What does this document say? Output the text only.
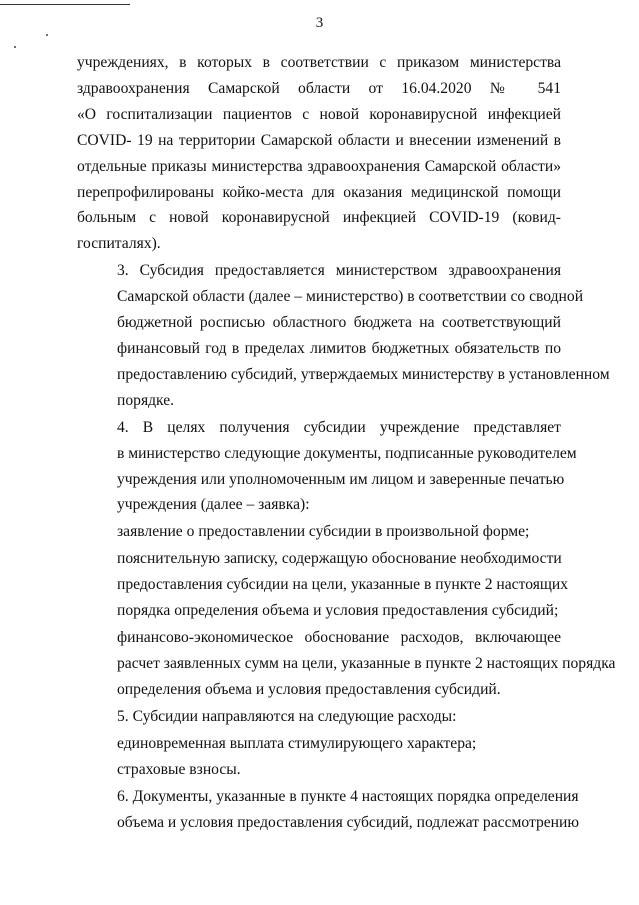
3

учреждениях, в которых в соответствии с приказом министерства
здравоохранения Самарской области от 16.04.2020 № 541
«О госпитализации пациентов с новой коронавирусной инфекцией
COVID- 19 на территории Самарской области и внесении изменений в
отдельные приказы министерства здравоохранения Самарской области»
перепрофилированы койко-места для оказания медицинской помощи
больным с новой коронавирусной инфекцией COVID-19 (ковид-
госпиталях).

3. Субсидия предоставляется министерством здравоохранения
Самарской области (далее – министерство) в соответствии со сводной
бюджетной росписью областного бюджета на соответствующий
финансовый год в пределах лимитов бюджетных обязательств по
предоставлению субсидий, утверждаемых министерству в установленном
порядке.

4. В целях получения субсидии учреждение представляет
в министерство следующие документы, подписанные руководителем
учреждения или уполномоченным им лицом и заверенные печатью
учреждения (далее – заявка):

заявление о предоставлении субсидии в произвольной форме;

пояснительную записку, содержащую обоснование необходимости
предоставления субсидии на цели, указанные в пункте 2 настоящих
порядка определения объема и условия предоставления субсидий;

финансово-экономическое обоснование расходов, включающее
расчет заявленных сумм на цели, указанные в пункте 2 настоящих порядка
определения объема и условия предоставления субсидий.

5. Субсидии направляются на следующие расходы:

единовременная выплата стимулирующего характера;

страховые взносы.

6. Документы, указанные в пункте 4 настоящих порядка определения
объема и условия предоставления субсидий, подлежат рассмотрению
